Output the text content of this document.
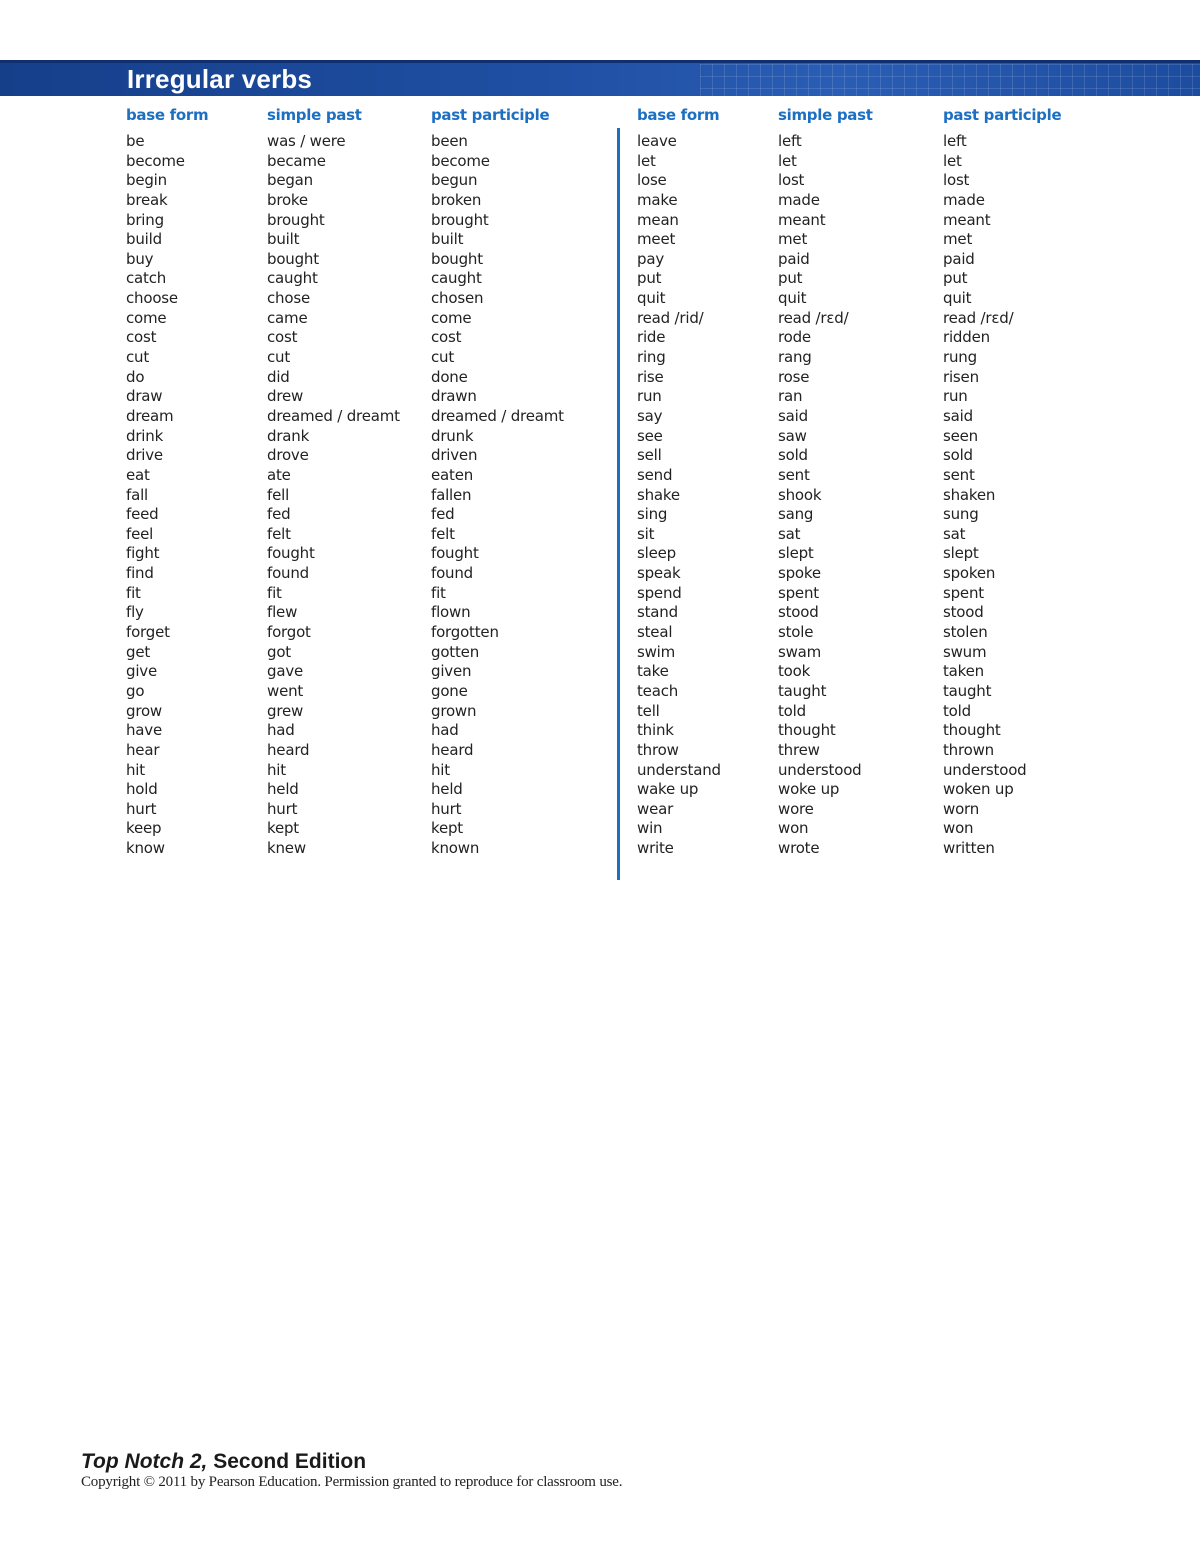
Irregular verbs
base form
be
become
begin
break
bring
build
buy
catch
choose
come
cost
cut
do
draw
dream
drink
drive
eat
fall
feed
feel
fight
find
fit
fly
forget
get
give
go
grow
have
hear
hit
hold
hurt
keep
know
simple past
was / were
became
began
broke
brought
built
bought
caught
chose
came
cost
cut
did
drew
dreamed / dreamt
drank
drove
ate
fell
fed
felt
fought
found
fit
flew
forgot
got
gave
went
grew
had
heard
hit
held
hurt
kept
knew
past participle
been
become
begun
broken
brought
built
bought
caught
chosen
come
cost
cut
done
drawn
dreamed / dreamt
drunk
driven
eaten
fallen
fed
felt
fought
found
fit
flown
forgotten
gotten
given
gone
grown
had
heard
hit
held
hurt
kept
known
base form
leave
let
lose
make
mean
meet
pay
put
quit
read /rid/
ride
ring
rise
run
say
see
sell
send
shake
sing
sit
sleep
speak
spend
stand
steal
swim
take
teach
tell
think
throw
understand
wake up
wear
win
write
simple past
left
let
lost
made
meant
met
paid
put
quit
read /rɛd/
rode
rang
rose
ran
said
saw
sold
sent
shook
sang
sat
slept
spoke
spent
stood
stole
swam
took
taught
told
thought
threw
understood
woke up
wore
won
wrote
past participle
left
let
lost
made
meant
met
paid
put
quit
read /rɛd/
ridden
rung
risen
run
said
seen
sold
sent
shaken
sung
sat
slept
spoken
spent
stood
stolen
swum
taken
taught
told
thought
thrown
understood
woken up
worn
won
written
Top Notch 2, Second Edition
Copyright © 2011 by Pearson Education. Permission granted to reproduce for classroom use.
